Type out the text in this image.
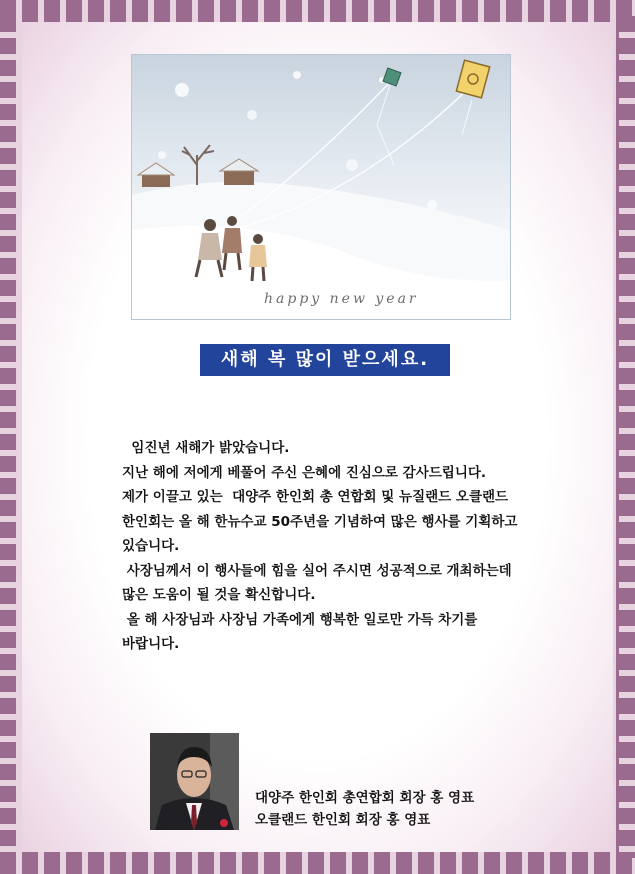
happy new year
새해 복 많이 받으세요.

임진년 새해가 밝았습니다.

지난 해에 저에게 베풀어 주신 은혜에 진심으로 감사드립니다.

제가 이끌고 있는  대양주 한인회 총 연합회 및 뉴질랜드 오클랜드

한인회는 올 해 한뉴수교 50주년을 기념하여 많은 행사를 기획하고

있습니다.

사장님께서 이 행사들에 힘을 실어 주시면 성공적으로 개최하는데

많은 도움이 될 것을 확신합니다.

올 해 사장님과 사장님 가족에게 행복한 일로만 가득 차기를

바랍니다.

대양주 한인회 총연합회 회장 홍 영표

오클랜드 한인회 회장 홍 영표
